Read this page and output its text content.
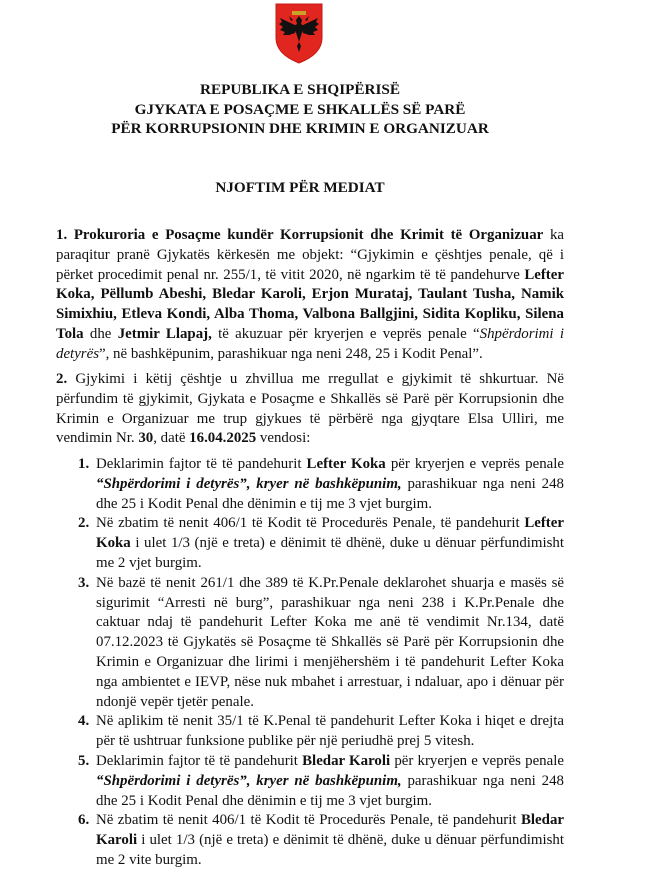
REPUBLIKA E SHQIPËRISË
GJYKATA E POSAÇME E SHKALLËS SË PARË
PËR KORRUPSIONIN DHE KRIMIN E ORGANIZUAR
NJOFTIM PËR MEDIAT

1. Prokuroria e Posaçme kundër Korrupsionit dhe Krimit të Organizuar ka paraqitur pranë Gjykatës kërkesën me objekt: “Gjykimin e çështjes penale, që i përket procedimit penal nr. 255/1, të vitit 2020, në ngarkim të të pandehurve Lefter Koka, Pëllumb Abeshi, Bledar Karoli, Erjon Murataj, Taulant Tusha, Namik Simixhiu, Etleva Kondi, Alba Thoma, Valbona Ballgjini, Sidita Kopliku, Silena Tola dhe Jetmir Llapaj, të akuzuar për kryerjen e veprës penale “Shpërdorimi i detyrës”, në bashkëpunim, parashikuar nga neni 248, 25 i Kodit Penal”.

2. Gjykimi i këtij çështje u zhvillua me rregullat e gjykimit të shkurtuar. Në përfundim të gjykimit, Gjykata e Posaçme e Shkallës së Parë për Korrupsionin dhe Krimin e Organizuar me trup gjykues të përbërë nga gjyqtare Elsa Ulliri, me vendimin Nr. 30, datë 16.04.2025 vendosi:

1. Deklarimin fajtor të të pandehurit Lefter Koka për kryerjen e veprës penale “Shpërdorimi i detyrës”, kryer në bashkëpunim, parashikuar nga neni 248 dhe 25 i Kodit Penal dhe dënimin e tij me 3 vjet burgim.
2. Në zbatim të nenit 406/1 të Kodit të Procedurës Penale, të pandehurit Lefter Koka i ulet 1/3 (një e treta) e dënimit të dhënë, duke u dënuar përfundimisht me 2 vjet burgim.
3. Në bazë të nenit 261/1 dhe 389 të K.Pr.Penale deklarohet shuarja e masës së sigurimit “Arresti në burg”, parashikuar nga neni 238 i K.Pr.Penale dhe caktuar ndaj të pandehurit Lefter Koka me anë të vendimit Nr.134, datë 07.12.2023 të Gjykatës së Posaçme të Shkallës së Parë për Korrupsionin dhe Krimin e Organizuar dhe lirimi i menjëhershëm i të pandehurit Lefter Koka nga ambientet e IEVP, nëse nuk mbahet i arrestuar, i ndaluar, apo i dënuar për ndonjë vepër tjetër penale.
4. Në aplikim të nenit 35/1 të K.Penal të pandehurit Lefter Koka i hiqet e drejta për të ushtruar funksione publike për një periudhë prej 5 vitesh.
5. Deklarimin fajtor të të pandehurit Bledar Karoli për kryerjen e veprës penale “Shpërdorimi i detyrës”, kryer në bashkëpunim, parashikuar nga neni 248 dhe 25 i Kodit Penal dhe dënimin e tij me 3 vjet burgim.
6. Në zbatim të nenit 406/1 të Kodit të Procedurës Penale, të pandehurit Bledar Karoli i ulet 1/3 (një e treta) e dënimit të dhënë, duke u dënuar përfundimisht me 2 vite burgim.
